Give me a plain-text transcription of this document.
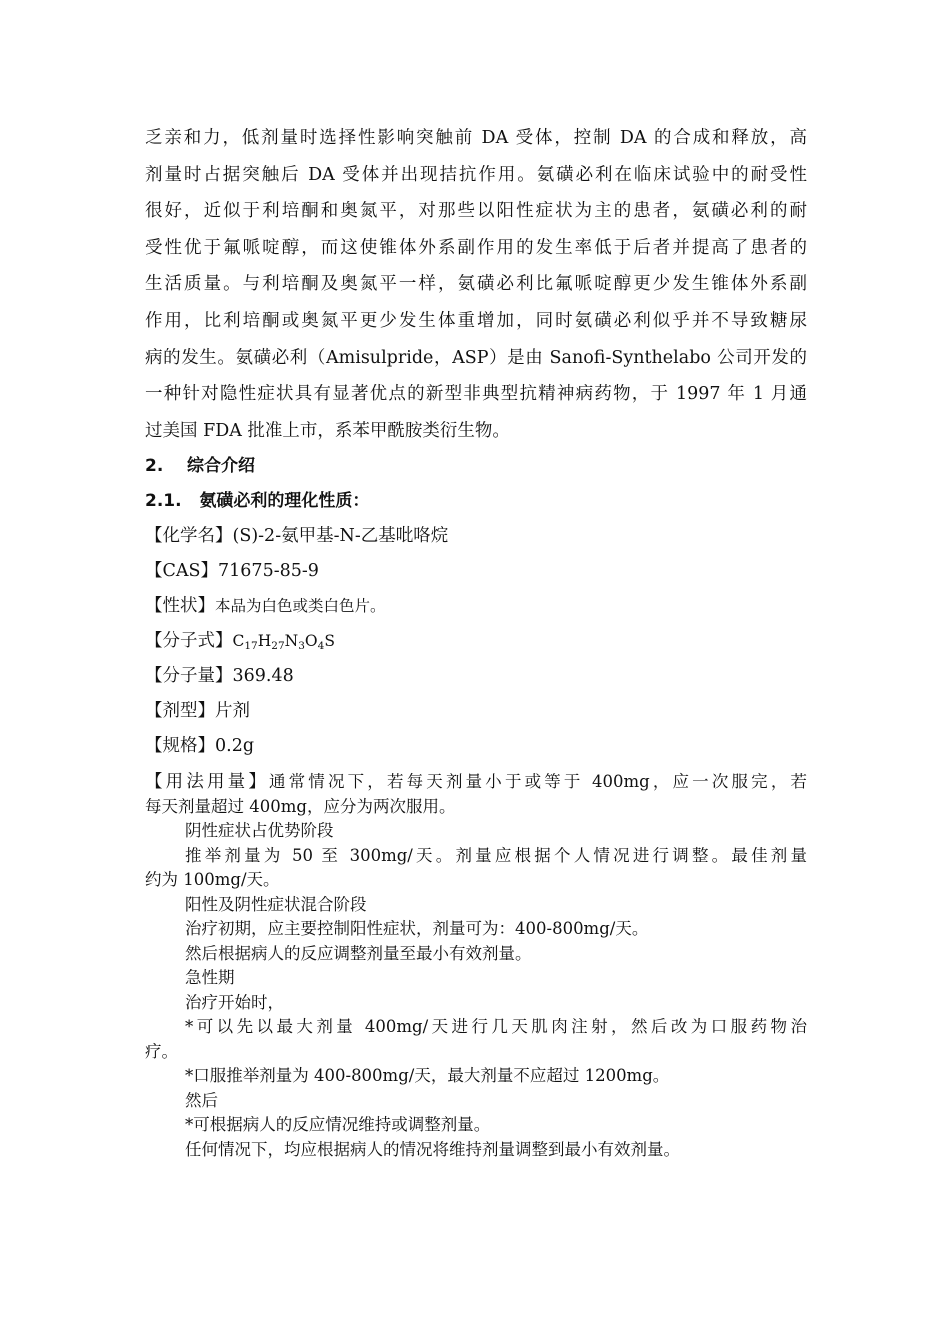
乏亲和力，低剂量时选择性影响突触前 DA 受体，控制 DA 的合成和释放，高
剂量时占据突触后 DA 受体并出现拮抗作用。氨磺必利在临床试验中的耐受性
很好，近似于利培酮和奥氮平，对那些以阳性症状为主的患者，氨磺必利的耐
受性优于氟哌啶醇，而这使锥体外系副作用的发生率低于后者并提高了患者的
生活质量。与利培酮及奥氮平一样，氨磺必利比氟哌啶醇更少发生锥体外系副
作用，比利培酮或奥氮平更少发生体重增加，同时氨磺必利似乎并不导致糖尿
病的发生。氨磺必利（Amisulpride，ASP）是由 Sanofi-Synthelabo 公司开发的
一种针对隐性症状具有显著优点的新型非典型抗精神病药物，于 1997 年 1 月通
过美国 FDA 批准上市，系苯甲酰胺类衍生物。
2.    综合介绍
2.1.   氨磺必利的理化性质：
【化学名】(S)-2-氨甲基-N-乙基吡咯烷
【CAS】71675-85-9
【性状】本品为白色或类白色片。
【分子式】$C_{17}H_{27}N_3O_4S$
【分子量】369.48
【剂型】片剂
【规格】0.2g
【用法用量】通常情况下，若每天剂量小于或等于 400mg，应一次服完，若
每天剂量超过 400mg，应分为两次服用。
阴性症状占优势阶段
推举剂量为 50 至 300mg/天。剂量应根据个人情况进行调整。最佳剂量
约为 100mg/天。
阳性及阴性症状混合阶段
治疗初期，应主要控制阳性症状，剂量可为：400-800mg/天。
然后根据病人的反应调整剂量至最小有效剂量。
急性期
治疗开始时，
*可以先以最大剂量 400mg/天进行几天肌肉注射，然后改为口服药物治
疗。
*口服推举剂量为 400-800mg/天，最大剂量不应超过 1200mg。
然后
*可根据病人的反应情况维持或调整剂量。
任何情况下，均应根据病人的情况将维持剂量调整到最小有效剂量。
